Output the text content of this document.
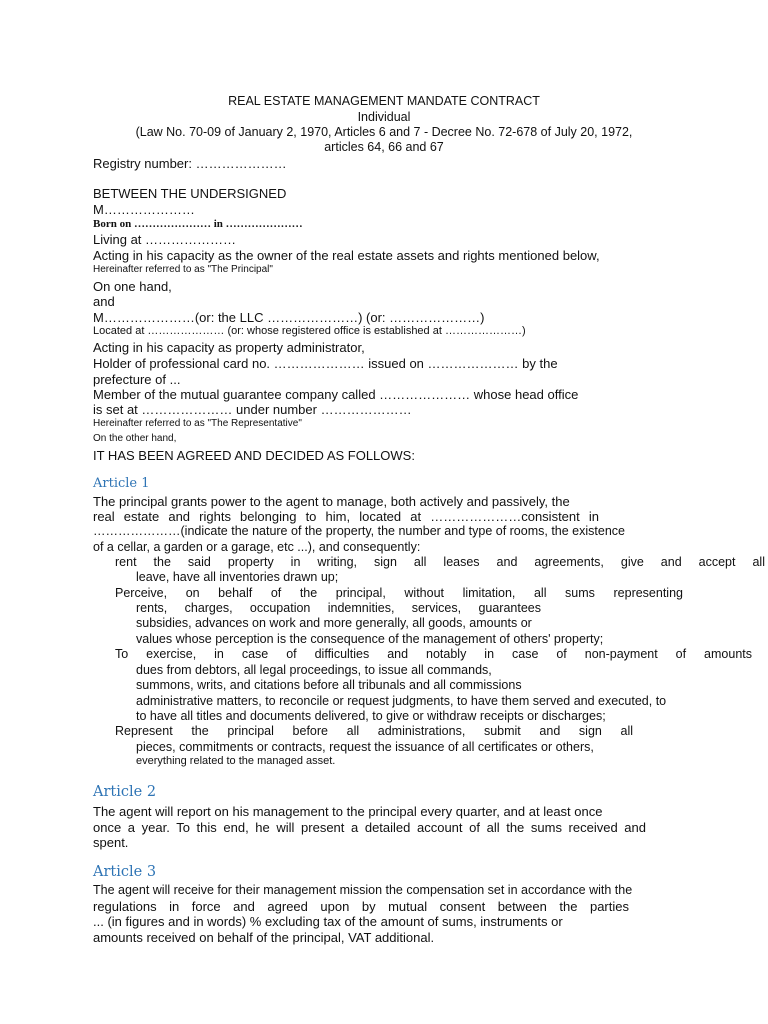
REAL ESTATE MANAGEMENT MANDATE CONTRACT
Individual
(Law No. 70-09 of January 2, 1970, Articles 6 and 7 - Decree No. 72-678 of July 20, 1972,
articles 64, 66 and 67
Registry number: …………………
BETWEEN THE UNDERSIGNED
M…………………
Born on ………………… in …………………
Living at …………………
Acting in his capacity as the owner of the real estate assets and rights mentioned below,
Hereinafter referred to as "The Principal"
On one hand,
and
M…………………(or: the LLC …………………) (or: …………………)
Located at ………………… (or: whose registered office is established at …………………)
Acting in his capacity as property administrator,
Holder of professional card no. ………………… issued on ………………… by the
prefecture of ...
Member of the mutual guarantee company called ………………… whose head office
is set at ………………… under number …………………
Hereinafter referred to as "The Representative"
On the other hand,
IT HAS BEEN AGREED AND DECIDED AS FOLLOWS:
Article 1
The principal grants power to the agent to manage, both actively and passively, the
real estate and rights belonging to him, located at …………………consistent in
…………………(indicate the nature of the property, the number and type of rooms, the existence
of a cellar, a garden or a garage, etc ...), and consequently:
rent the said property in writing, sign all leases and agreements, give and accept all
leave, have all inventories drawn up;
Perceive, on behalf of the principal, without limitation, all sums representing
rents, charges, occupation indemnities, services, guarantees
subsidies, advances on work and more generally, all goods, amounts or
values whose perception is the consequence of the management of others' property;
To exercise, in case of difficulties and notably in case of non-payment of amounts
dues from debtors, all legal proceedings, to issue all commands,
summons, writs, and citations before all tribunals and all commissions
administrative matters, to reconcile or request judgments, to have them served and executed, to
to have all titles and documents delivered, to give or withdraw receipts or discharges;
Represent the principal before all administrations, submit and sign all
pieces, commitments or contracts, request the issuance of all certificates or others,
everything related to the managed asset.
Article 2
The agent will report on his management to the principal every quarter, and at least once
once a year. To this end, he will present a detailed account of all the sums received and
spent.
Article 3
The agent will receive for their management mission the compensation set in accordance with the
regulations in force and agreed upon by mutual consent between the parties
... (in figures and in words) % excluding tax of the amount of sums, instruments or
amounts received on behalf of the principal, VAT additional.
